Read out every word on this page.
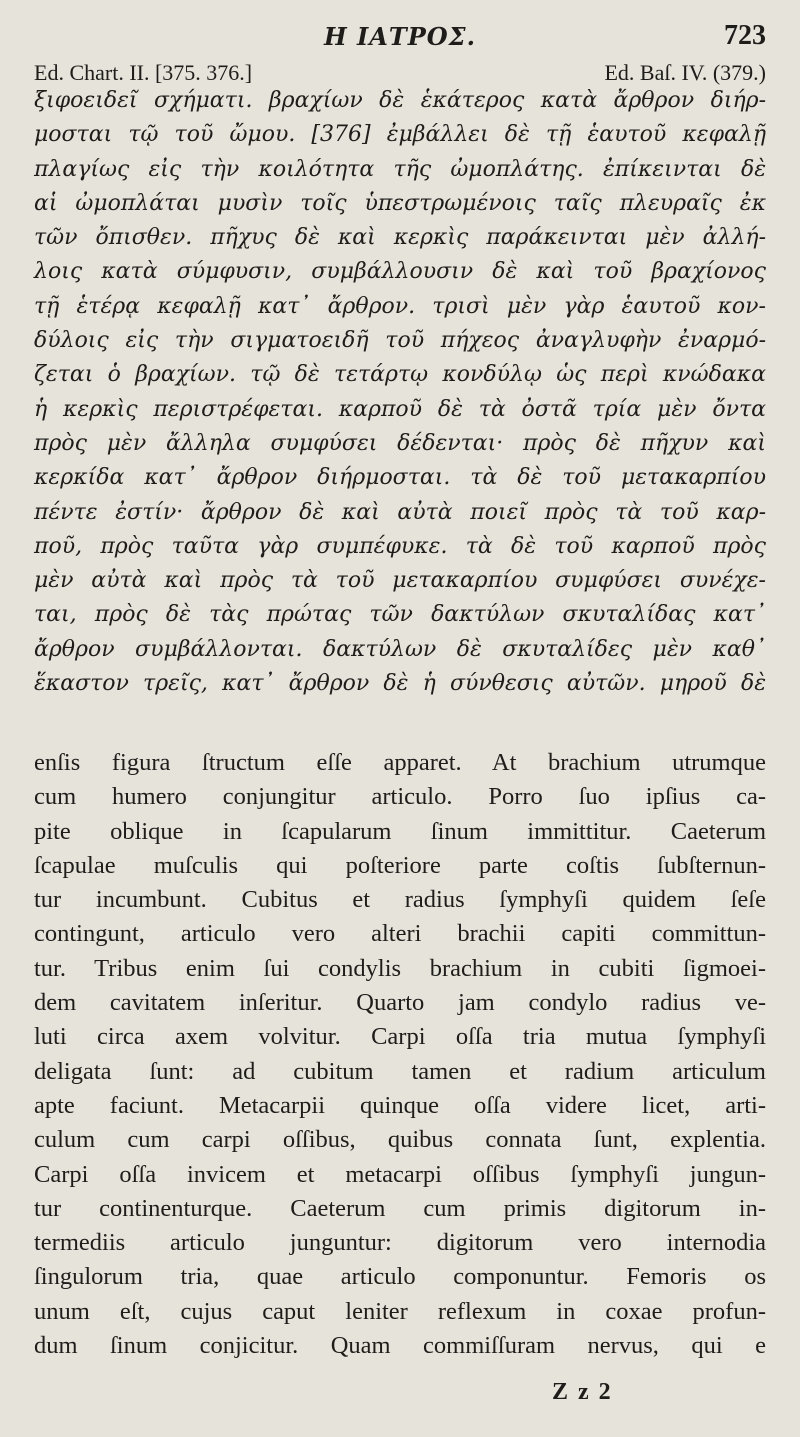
Η ΙΑΤΡΟΣ.	723
Ed. Chart. II. [375. 376.]	Ed. Baſ. IV. (379.)
ξιφοειδεῖ σχήματι. βραχίων δὲ ἑκάτερος κατὰ ἄρθρον διήρ-
μοσται τῷ τοῦ ὤμου. [376] ἐμβάλλει δὲ τῇ ἑαυτοῦ κεφαλῇ
πλαγίως εἰς τὴν κοιλότητα τῆς ὠμοπλάτης. ἐπίκεινται δὲ
αἱ ὠμοπλάται μυσὶν τοῖς ὑπεστρωμένοις ταῖς πλευραῖς ἐκ
τῶν ὄπισθεν. πῆχυς δὲ καὶ κερκὶς παράκεινται μὲν ἀλλή-
λοις κατὰ σύμφυσιν, συμβάλλουσιν δὲ καὶ τοῦ βραχίονος
τῇ ἑτέρᾳ κεφαλῇ κατ᾽ ἄρθρον. τρισὶ μὲν γὰρ ἑαυτοῦ κον-
δύλοις εἰς τὴν σιγματοειδῆ τοῦ πήχεος ἀναγλυφὴν ἐναρμό-
ζεται ὁ βραχίων. τῷ δὲ τετάρτῳ κονδύλῳ ὡς περὶ κνώδακα
ἡ κερκὶς περιστρέφεται. καρποῦ δὲ τὰ ὀστᾶ τρία μὲν ὄντα
πρὸς μὲν ἄλληλα συμφύσει δέδενται· πρὸς δὲ πῆχυν καὶ
κερκίδα κατ᾽ ἄρθρον διήρμοσται. τὰ δὲ τοῦ μετακαρπίου
πέντε ἐστίν· ἄρθρον δὲ καὶ αὐτὰ ποιεῖ πρὸς τὰ τοῦ καρ-
ποῦ, πρὸς ταῦτα γὰρ συμπέφυκε. τὰ δὲ τοῦ καρποῦ πρὸς
μὲν αὐτὰ καὶ πρὸς τὰ τοῦ μετακαρπίου συμφύσει συνέχε-
ται, πρὸς δὲ τὰς πρώτας τῶν δακτύλων σκυταλίδας κατ᾽
ἄρθρον συμβάλλονται. δακτύλων δὲ σκυταλίδες μὲν καθ᾽
ἕκαστον τρεῖς, κατ᾽ ἄρθρον δὲ ἡ σύνθεσις αὐτῶν. μηροῦ δὲ
enſis figura ſtructum eſſe apparet. At brachium utrumque
cum humero conjungitur articulo. Porro ſuo ipſius ca-
pite oblique in ſcapularum ſinum immittitur. Caeterum
ſcapulae muſculis qui poſteriore parte coſtis ſubſternun-
tur incumbunt. Cubitus et radius ſymphyſi quidem ſeſe
contingunt, articulo vero alteri brachii capiti committun-
tur. Tribus enim ſui condylis brachium in cubiti ſigmoei-
dem cavitatem inſeritur. Quarto jam condylo radius ve-
luti circa axem volvitur. Carpi oſſa tria mutua ſymphyſi
deligata ſunt: ad cubitum tamen et radium articulum
apte faciunt. Metacarpii quinque oſſa videre licet, arti-
culum cum carpi oſſibus, quibus connata ſunt, explentia.
Carpi oſſa invicem et metacarpi oſſibus ſymphyſi jungun-
tur continenturque. Caeterum cum primis digitorum in-
termediis articulo junguntur: digitorum vero internodia
ſingulorum tria, quae articulo componuntur. Femoris os
unum eſt, cujus caput leniter reflexum in coxae profun-
dum ſinum conjicitur. Quam commiſſuram nervus, qui e
Z z 2
